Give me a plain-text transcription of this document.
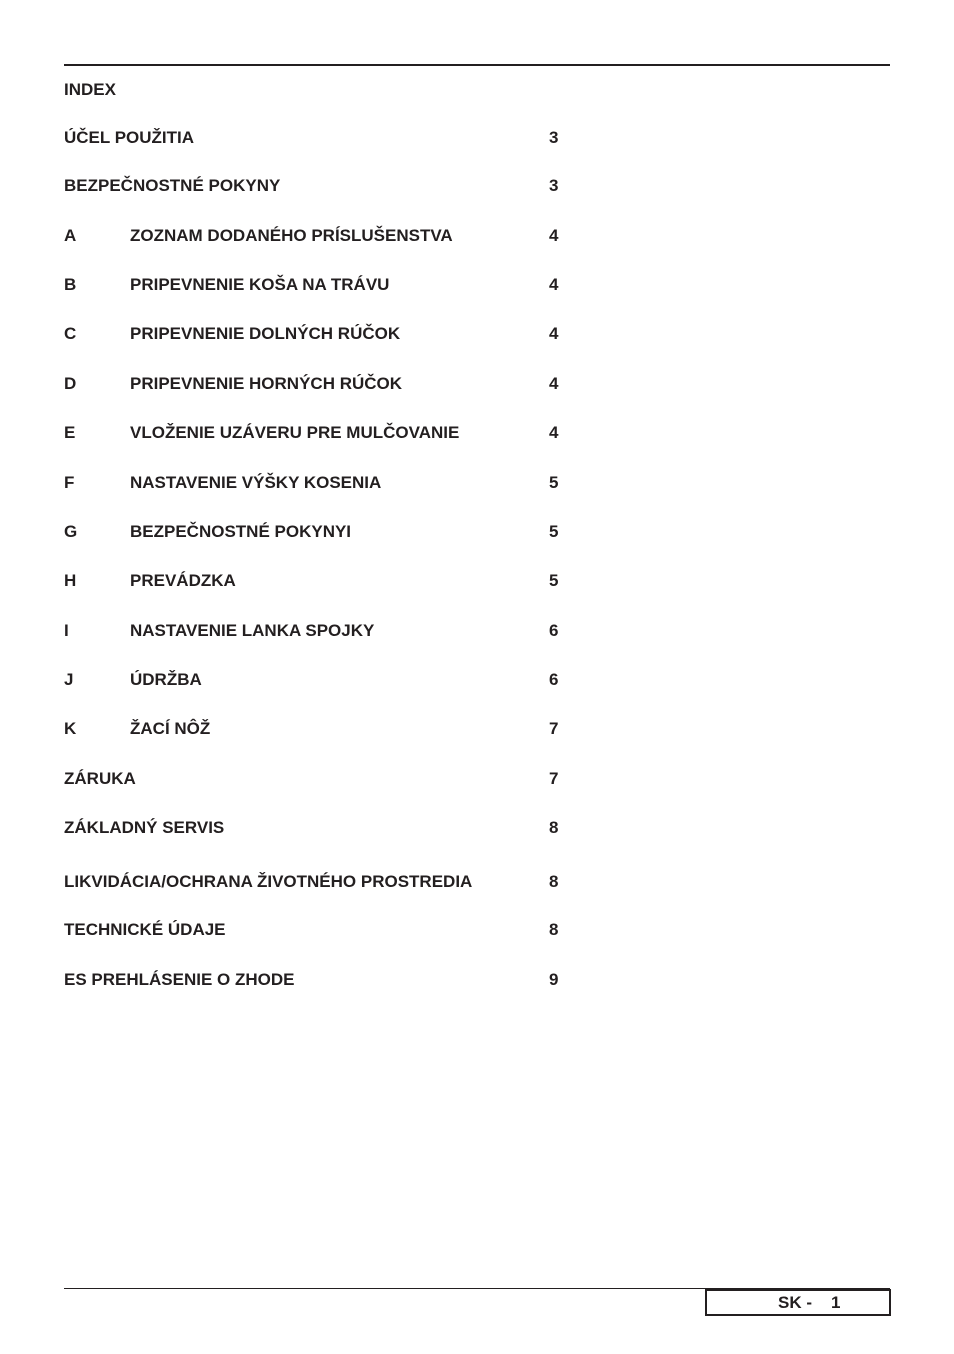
INDEX
ÚČEL POUŽITIA	3
BEZPEČNOSTNÉ POKYNY	3
A	ZOZNAM DODANÉHO PRÍSLUŠENSTVA	4
B	PRIPEVNENIE KOŠA NA TRÁVU	4
C	PRIPEVNENIE DOLNÝCH RÚČOK	4
D	PRIPEVNENIE HORNÝCH RÚČOK	4
E	VLOŽENIE UZÁVERU PRE MULČOVANIE	4
F	NASTAVENIE VÝŠKY KOSENIA	5
G	BEZPEČNOSTNÉ POKYNYI	5
H	PREVÁDZKA	5
I	NASTAVENIE LANKA SPOJKY	6
J	ÚDRŽBA	6
K	ŽACÍ NÔŽ	7
ZÁRUKA	7
ZÁKLADNÝ SERVIS	8
LIKVIDÁCIA/OCHRANA ŽIVOTNÉHO PROSTREDIA	8
TECHNICKÉ ÚDAJE	8
ES PREHLÁSENIE O ZHODE	9
SK - 1
